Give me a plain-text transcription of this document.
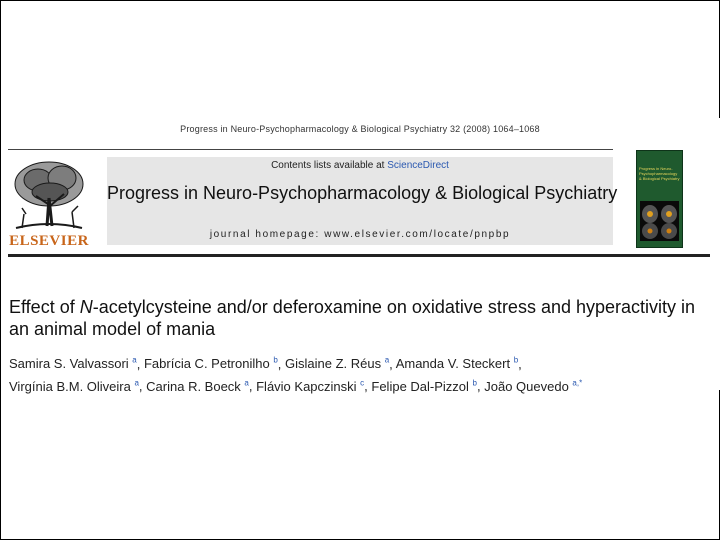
Progress in Neuro-Psychopharmacology & Biological Psychiatry 32 (2008) 1064–1068
ELSEVIER
Contents lists available at ScienceDirect
Progress in Neuro-Psychopharmacology & Biological Psychiatry
journal homepage: www.elsevier.com/locate/pnpbp
Progress in Neuro-Psychopharmacology & Biological Psychiatry
Effect of N-acetylcysteine and/or deferoxamine on oxidative stress and hyperactivity in an animal model of mania
Samira S. Valvassori $^a$, Fabrícia C. Petronilho $^b$, Gislaine Z. Réus $^a$, Amanda V. Steckert $^b$,
Virgínia B.M. Oliveira $^a$, Carina R. Boeck $^a$, Flávio Kapczinski $^c$, Felipe Dal-Pizzol $^b$, João Quevedo $^{a,*}$
